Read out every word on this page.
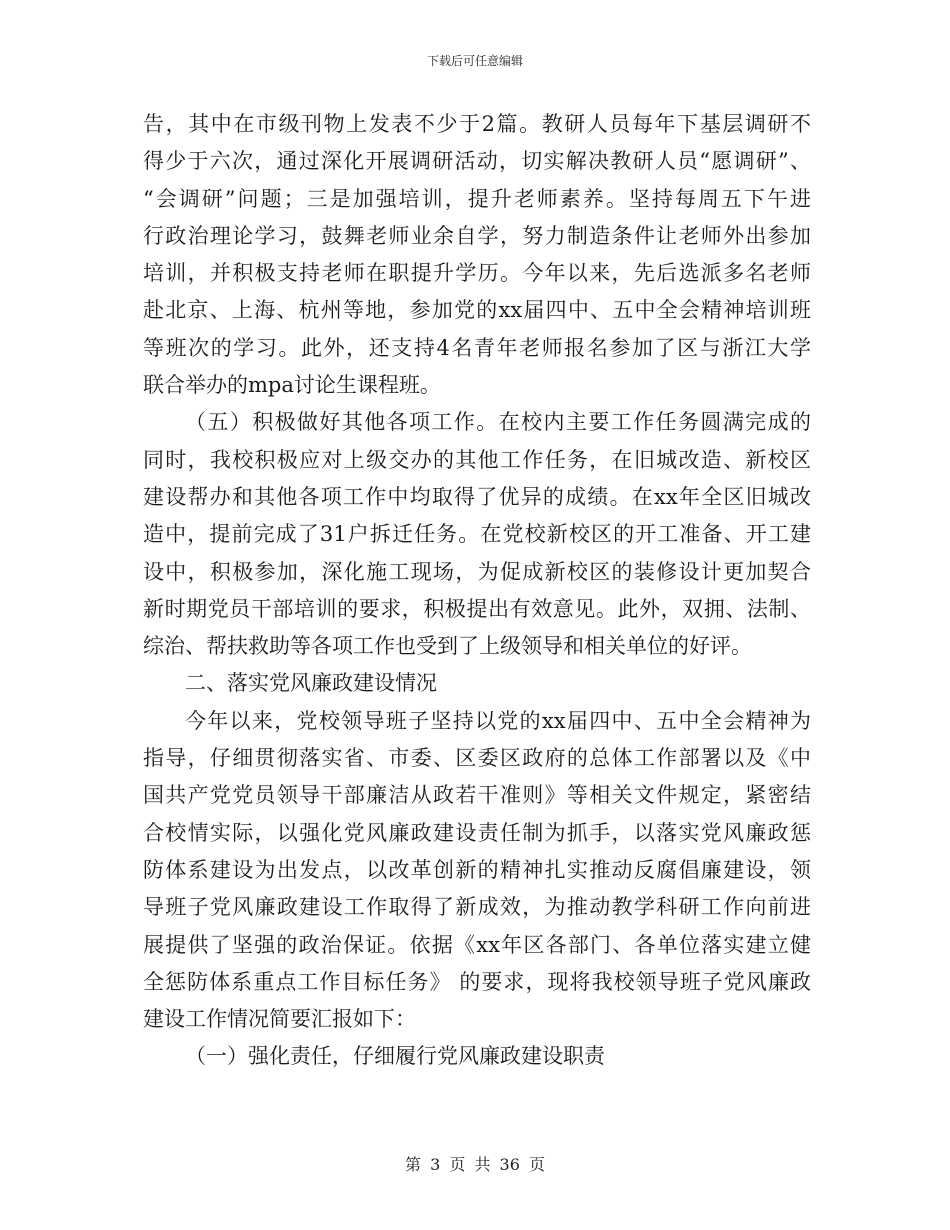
下载后可任意编辑
告，其中在市级刊物上发表不少于2篇。教研人员每年下基层调研不
得少于六次，通过深化开展调研活动，切实解决教研人员“愿调研”、
“会调研”问题；三是加强培训，提升老师素养。坚持每周五下午进
行政治理论学习，鼓舞老师业余自学，努力制造条件让老师外出参加
培训，并积极支持老师在职提升学历。今年以来，先后选派多名老师
赴北京、上海、杭州等地，参加党的xx届四中、五中全会精神培训班
等班次的学习。此外，还支持4名青年老师报名参加了区与浙江大学
联合举办的mpa讨论生课程班。
（五）积极做好其他各项工作。在校内主要工作任务圆满完成的
同时，我校积极应对上级交办的其他工作任务，在旧城改造、新校区
建设帮办和其他各项工作中均取得了优异的成绩。在xx年全区旧城改
造中，提前完成了31户拆迁任务。在党校新校区的开工准备、开工建
设中，积极参加，深化施工现场，为促成新校区的装修设计更加契合
新时期党员干部培训的要求，积极提出有效意见。此外，双拥、法制、
综治、帮扶救助等各项工作也受到了上级领导和相关单位的好评。
二、落实党风廉政建设情况
今年以来，党校领导班子坚持以党的xx届四中、五中全会精神为
指导，仔细贯彻落实省、市委、区委区政府的总体工作部署以及《中
国共产党党员领导干部廉洁从政若干准则》等相关文件规定，紧密结
合校情实际，以强化党风廉政建设责任制为抓手，以落实党风廉政惩
防体系建设为出发点，以改革创新的精神扎实推动反腐倡廉建设，领
导班子党风廉政建设工作取得了新成效，为推动教学科研工作向前进
展提供了坚强的政治保证。依据《xx年区各部门、各单位落实建立健
全惩防体系重点工作目标任务》 的要求，现将我校领导班子党风廉政
建设工作情况简要汇报如下：
（一）强化责任，仔细履行党风廉政建设职责
第 3 页 共 36 页
